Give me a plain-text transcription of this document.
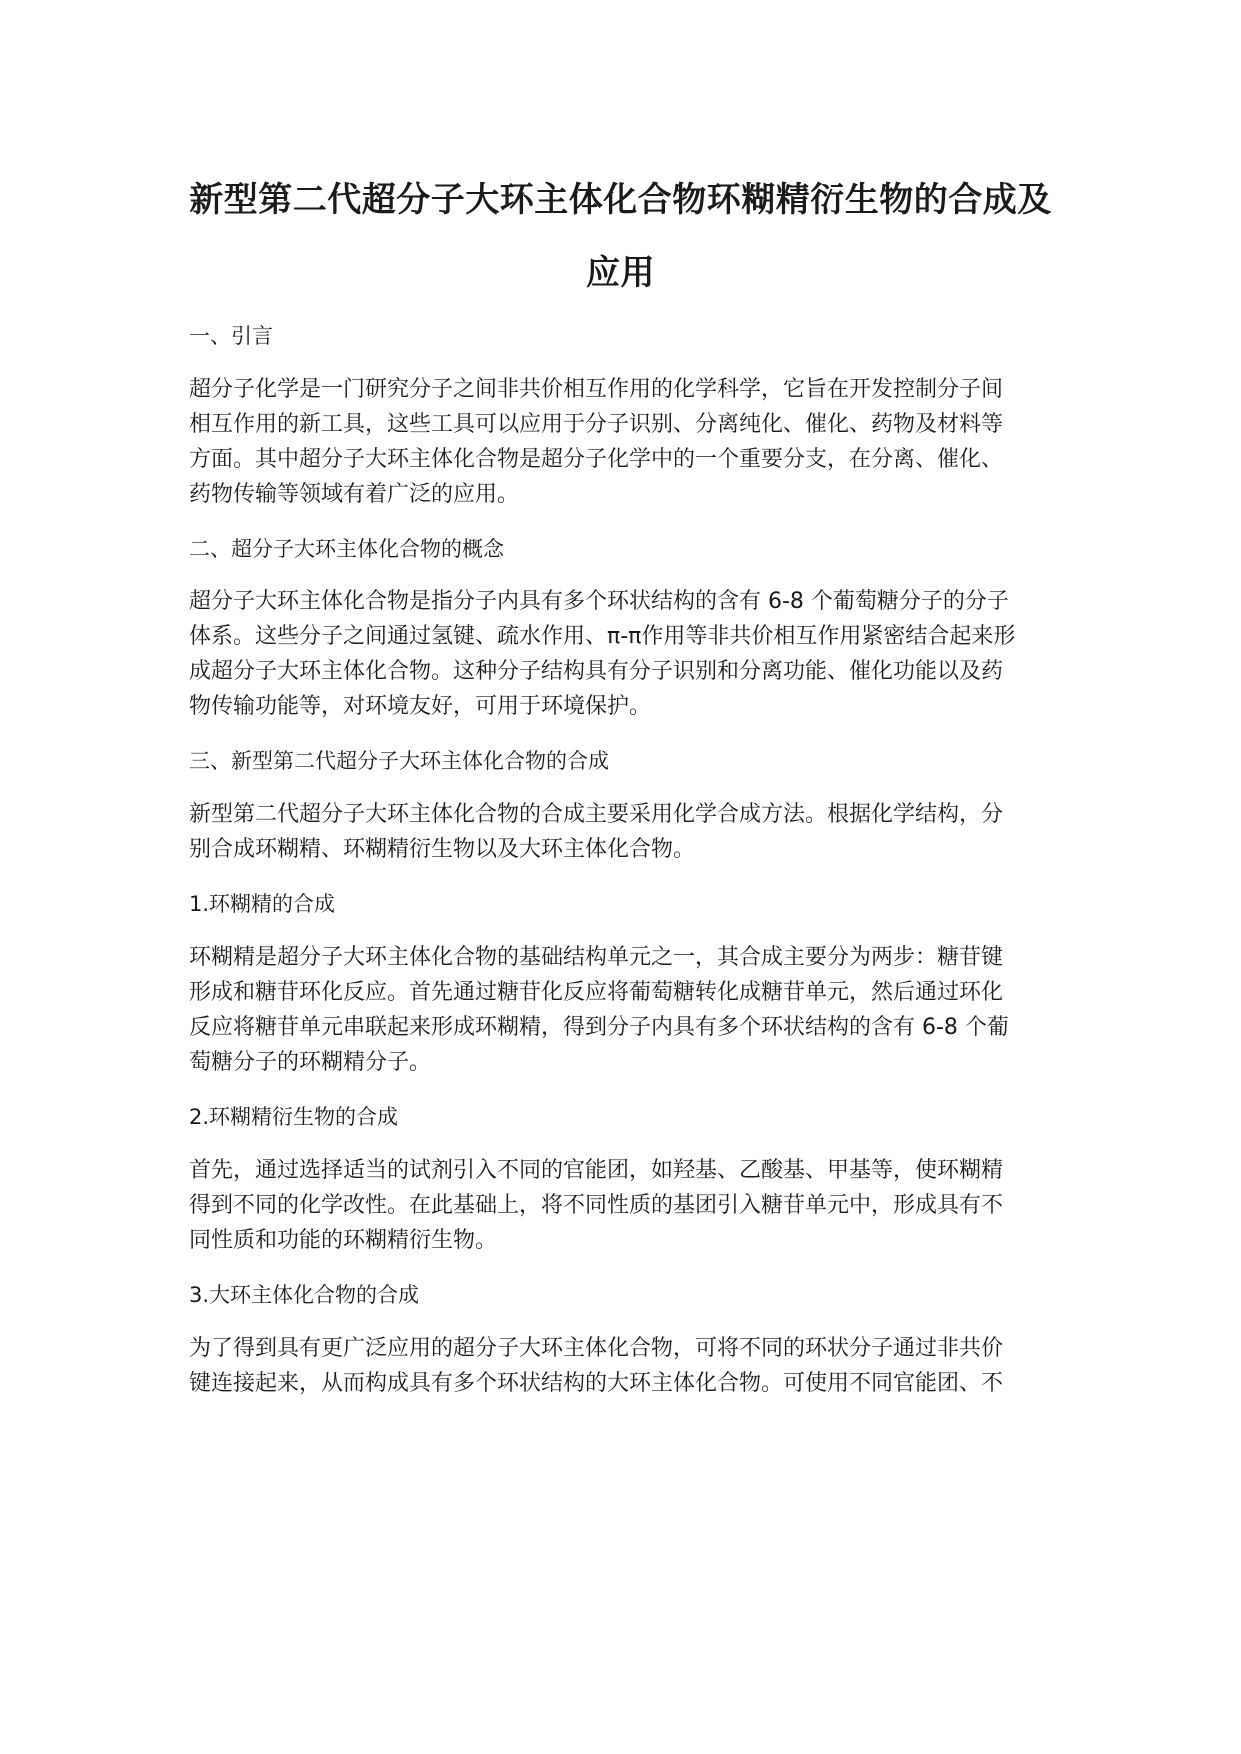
新型第二代超分子大环主体化合物环糊精衍生物的合成及
应用
一、引言

超分子化学是一门研究分子之间非共价相互作用的化学科学，它旨在开发控制分子间

相互作用的新工具，这些工具可以应用于分子识别、分离纯化、催化、药物及材料等

方面。其中超分子大环主体化合物是超分子化学中的一个重要分支，在分离、催化、

药物传输等领域有着广泛的应用。

二、超分子大环主体化合物的概念

超分子大环主体化合物是指分子内具有多个环状结构的含有 6-8 个葡萄糖分子的分子

体系。这些分子之间通过氢键、疏水作用、π-π作用等非共价相互作用紧密结合起来形

成超分子大环主体化合物。这种分子结构具有分子识别和分离功能、催化功能以及药

物传输功能等，对环境友好，可用于环境保护。

三、新型第二代超分子大环主体化合物的合成

新型第二代超分子大环主体化合物的合成主要采用化学合成方法。根据化学结构，分

别合成环糊精、环糊精衍生物以及大环主体化合物。

1.环糊精的合成

环糊精是超分子大环主体化合物的基础结构单元之一，其合成主要分为两步：糖苷键

形成和糖苷环化反应。首先通过糖苷化反应将葡萄糖转化成糖苷单元，然后通过环化

反应将糖苷单元串联起来形成环糊精，得到分子内具有多个环状结构的含有 6-8 个葡

萄糖分子的环糊精分子。

2.环糊精衍生物的合成

首先，通过选择适当的试剂引入不同的官能团，如羟基、乙酸基、甲基等，使环糊精

得到不同的化学改性。在此基础上，将不同性质的基团引入糖苷单元中，形成具有不

同性质和功能的环糊精衍生物。

3.大环主体化合物的合成

为了得到具有更广泛应用的超分子大环主体化合物，可将不同的环状分子通过非共价

键连接起来，从而构成具有多个环状结构的大环主体化合物。可使用不同官能团、不
